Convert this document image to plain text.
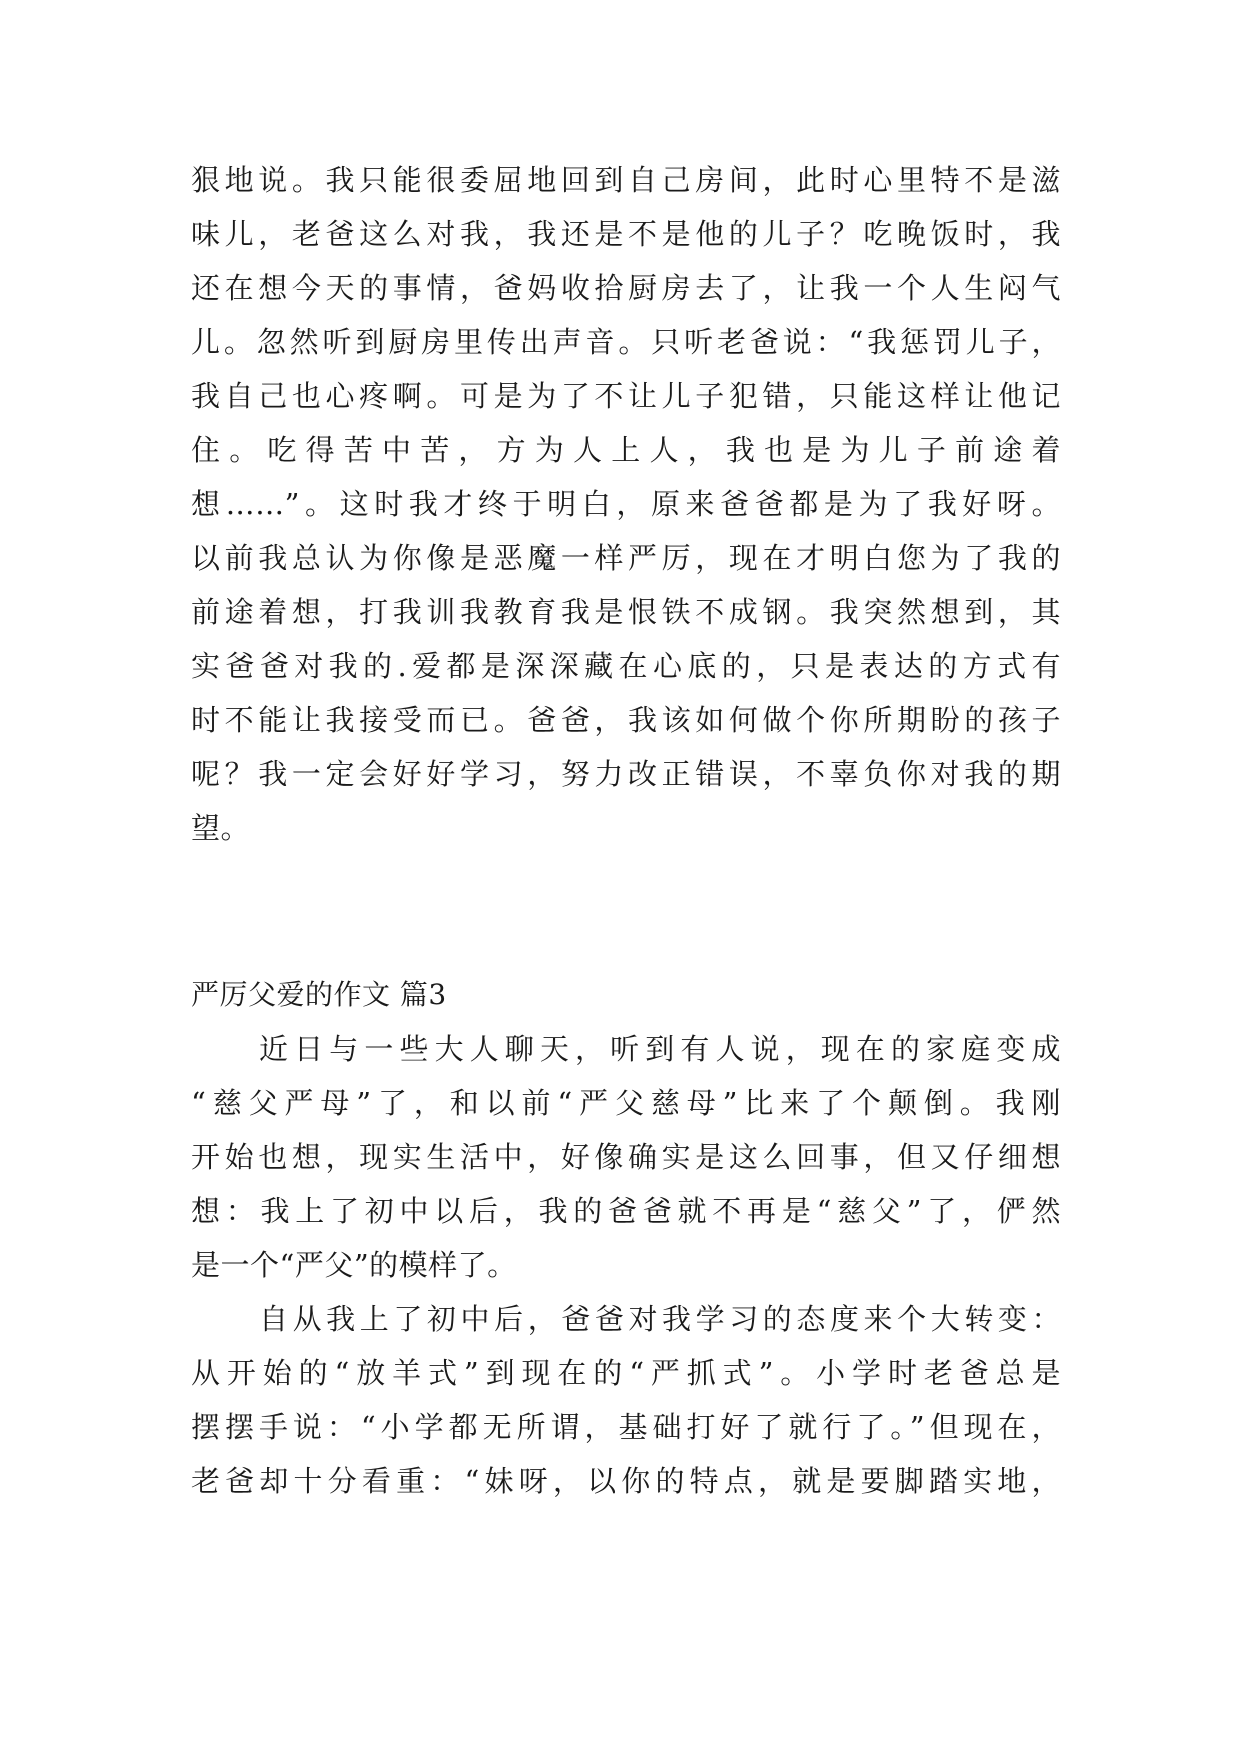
狠地说。我只能很委屈地回到自己房间，此时心里特不是滋
味儿，老爸这么对我，我还是不是他的儿子？吃晚饭时，我
还在想今天的事情，爸妈收拾厨房去了，让我一个人生闷气
儿。忽然听到厨房里传出声音。只听老爸说：“我惩罚儿子，
我自己也心疼啊。可是为了不让儿子犯错，只能这样让他记
住。吃得苦中苦，方为人上人，我也是为儿子前途着
想……”。这时我才终于明白，原来爸爸都是为了我好呀。
以前我总认为你像是恶魔一样严厉，现在才明白您为了我的
前途着想，打我训我教育我是恨铁不成钢。我突然想到，其
实爸爸对我的.爱都是深深藏在心底的，只是表达的方式有
时不能让我接受而已。爸爸，我该如何做个你所期盼的孩子
呢？我一定会好好学习，努力改正错误，不辜负你对我的期
望。
严厉父爱的作文 篇3
近日与一些大人聊天，听到有人说，现在的家庭变成
“慈父严母”了，和以前“严父慈母”比来了个颠倒。我刚
开始也想，现实生活中，好像确实是这么回事，但又仔细想
想：我上了初中以后，我的爸爸就不再是“慈父”了，俨然
是一个“严父”的模样了。
自从我上了初中后，爸爸对我学习的态度来个大转变：
从开始的“放羊式”到现在的“严抓式”。小学时老爸总是
摆摆手说：“小学都无所谓，基础打好了就行了。”但现在，
老爸却十分看重：“妹呀，以你的特点，就是要脚踏实地，
